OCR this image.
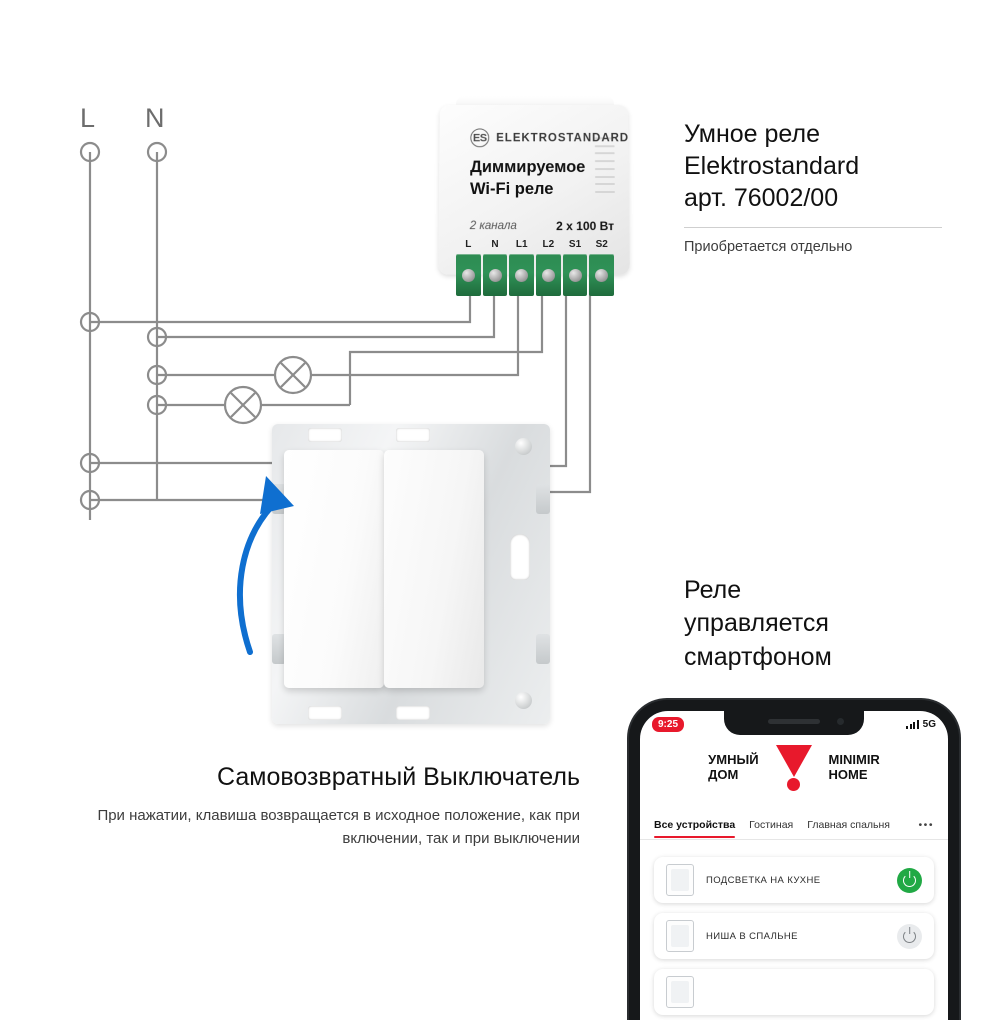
L N
ES ELEKTROSTANDARD
Диммируемое
Wi-Fi реле
2 канала	2 x 100 Вт
L	N	L1	L2	S1	S2
Умное реле
Elektrostandard
арт. 76002/00
Приобретается отдельно
Самовозвратный Выключатель

При нажатии, клавиша возвращается в исходное положение, как при включении, так и при выключении

Реле
управляется
смартфоном
9:25	5G
УМНЫЙ
ДОМ
MINIMIR
HOME
Все устройства Гостиная Главная спальня	•••
ПОДСВЕТКА НА КУХНЕ
НИША В СПАЛЬНЕ
